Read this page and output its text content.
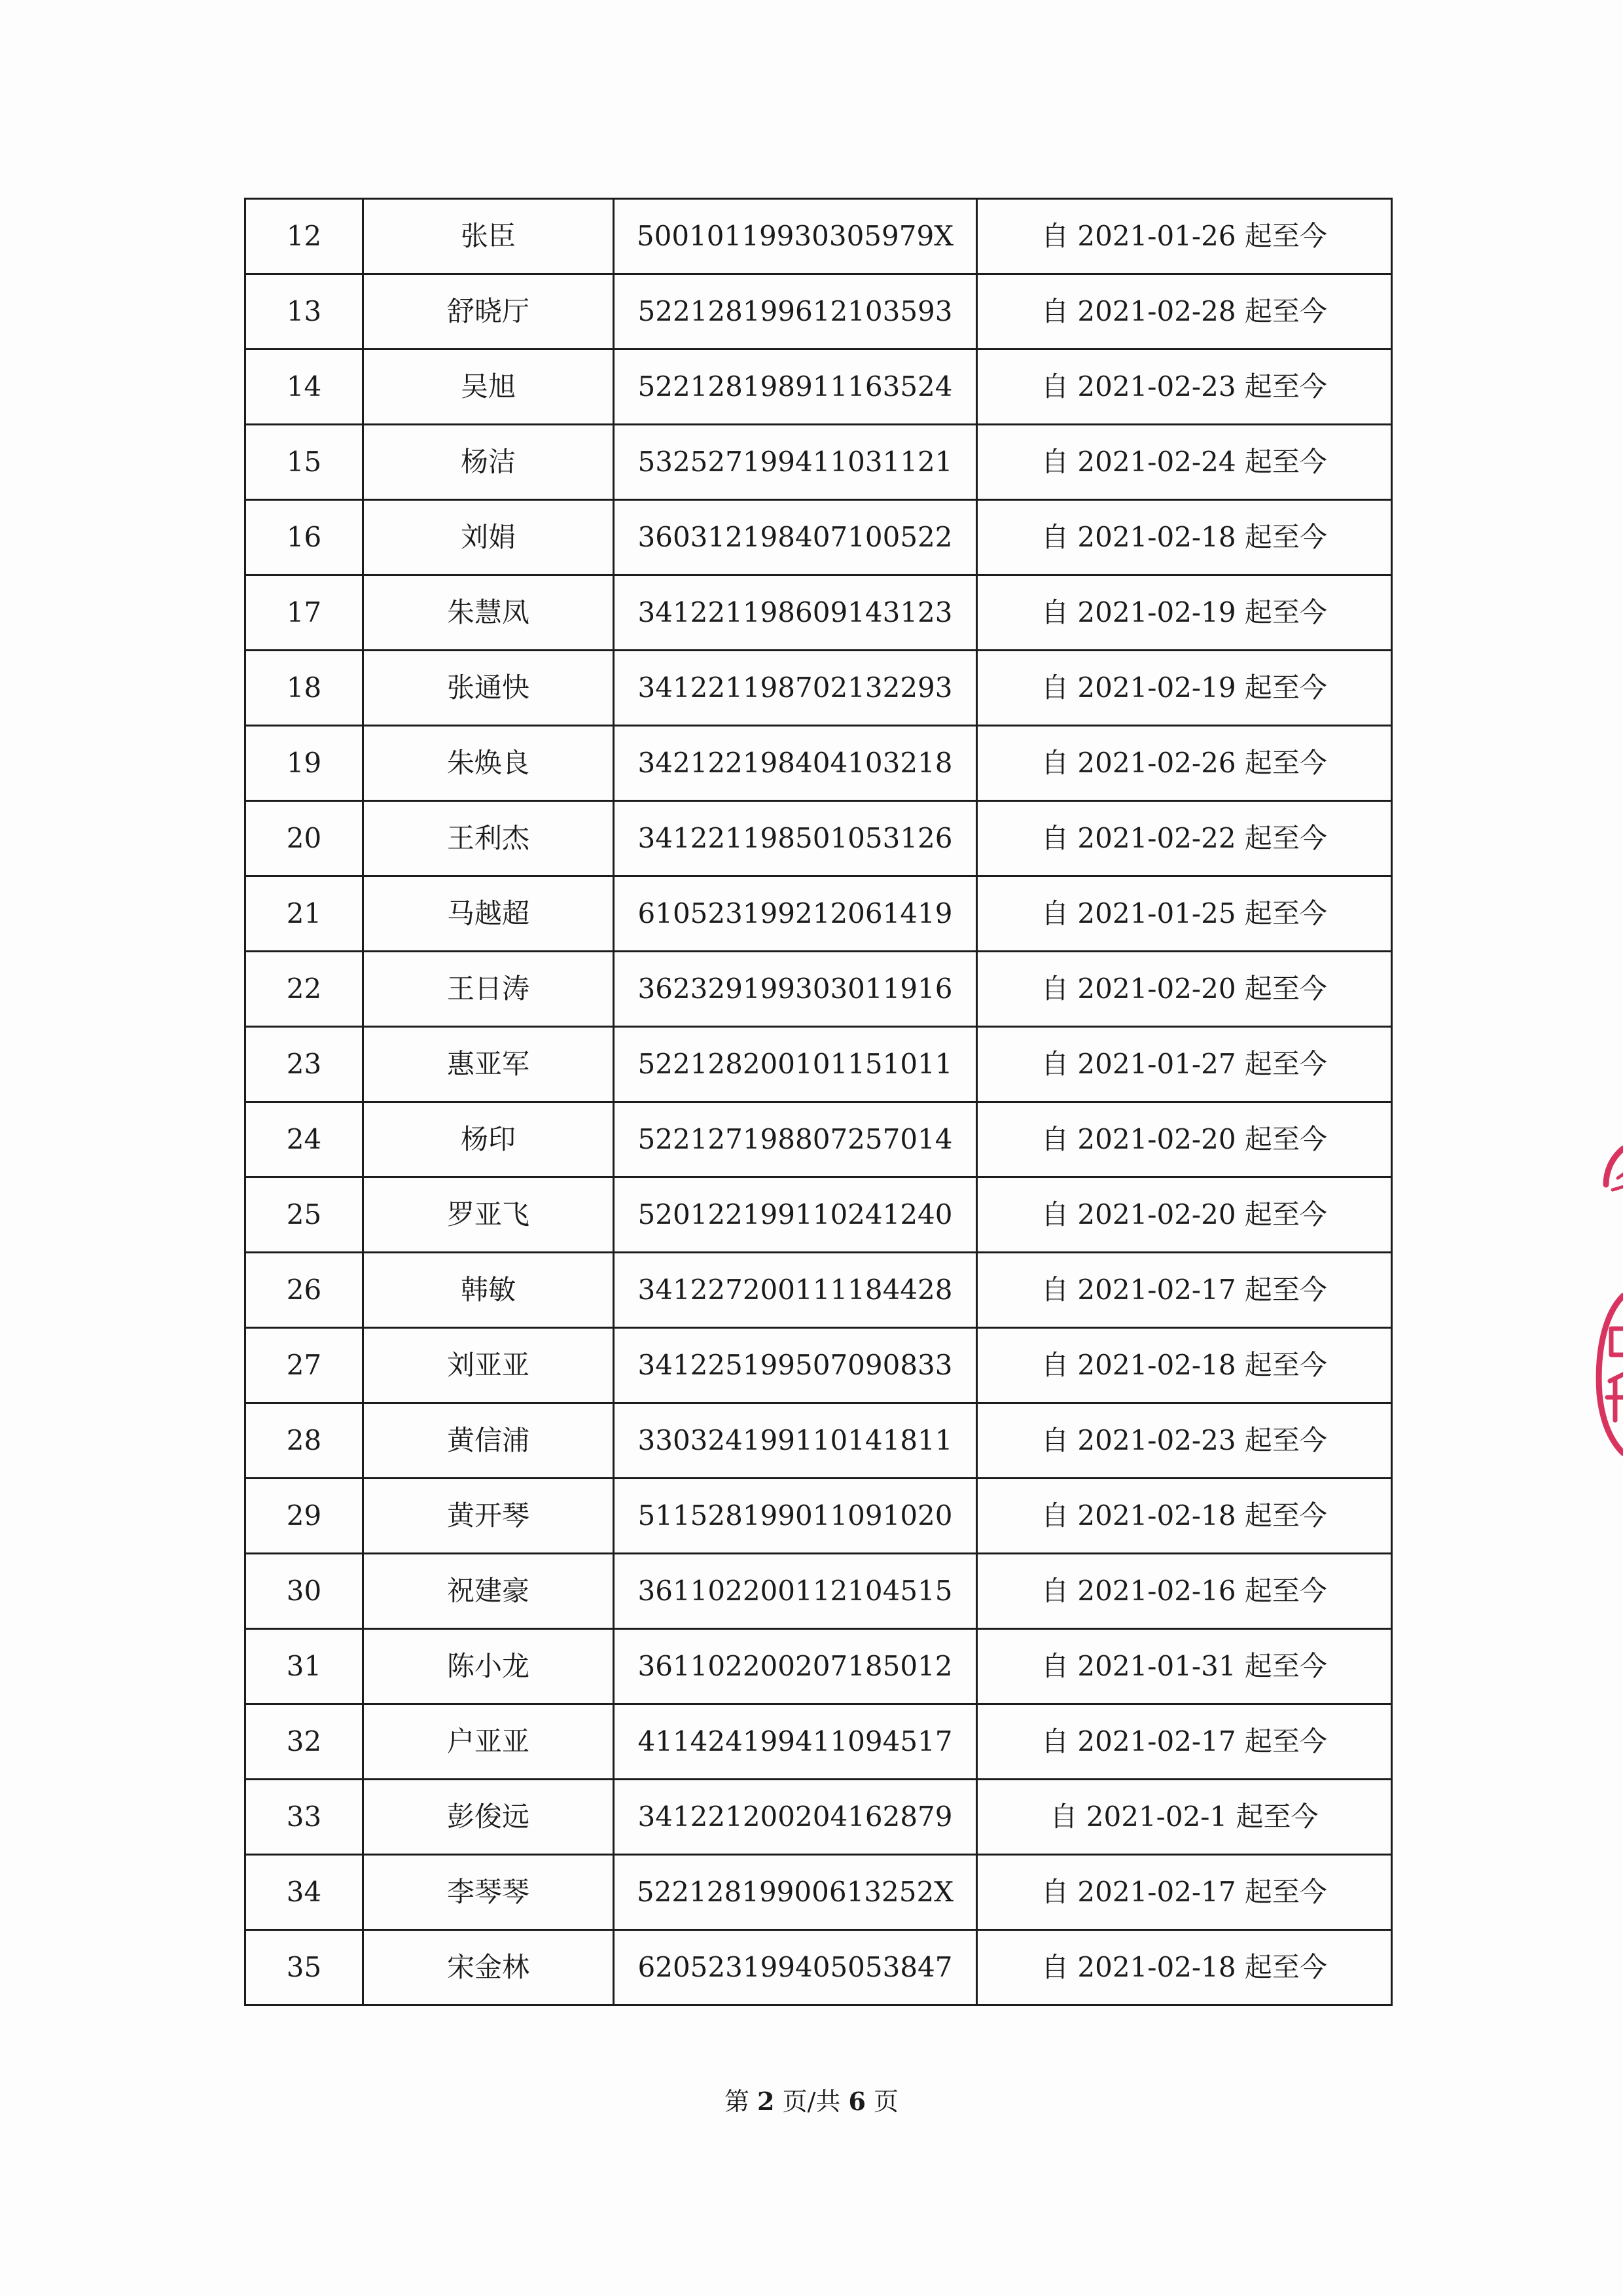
12	张臣	50010119930305979X	自 2021-01-26 起至今
13	舒晓厅	522128199612103593	自 2021-02-28 起至今
14	吴旭	522128198911163524	自 2021-02-23 起至今
15	杨洁	532527199411031121	自 2021-02-24 起至今
16	刘娟	360312198407100522	自 2021-02-18 起至今
17	朱慧凤	341221198609143123	自 2021-02-19 起至今
18	张通快	341221198702132293	自 2021-02-19 起至今
19	朱焕良	342122198404103218	自 2021-02-26 起至今
20	王利杰	341221198501053126	自 2021-02-22 起至今
21	马越超	610523199212061419	自 2021-01-25 起至今
22	王日涛	362329199303011916	自 2021-02-20 起至今
23	惠亚军	522128200101151011	自 2021-01-27 起至今
24	杨印	522127198807257014	自 2021-02-20 起至今
25	罗亚飞	520122199110241240	自 2021-02-20 起至今
26	韩敏	341227200111184428	自 2021-02-17 起至今
27	刘亚亚	341225199507090833	自 2021-02-18 起至今
28	黄信浦	330324199110141811	自 2021-02-23 起至今
29	黄开琴	511528199011091020	自 2021-02-18 起至今
30	祝建豪	361102200112104515	自 2021-02-16 起至今
31	陈小龙	361102200207185012	自 2021-01-31 起至今
32	户亚亚	411424199411094517	自 2021-02-17 起至今
33	彭俊远	341221200204162879	自 2021-02-1 起至今
34	李琴琴	52212819900613252X	自 2021-02-17 起至今
35	宋金林	620523199405053847	自 2021-02-18 起至今
第 2 页/共 6 页
